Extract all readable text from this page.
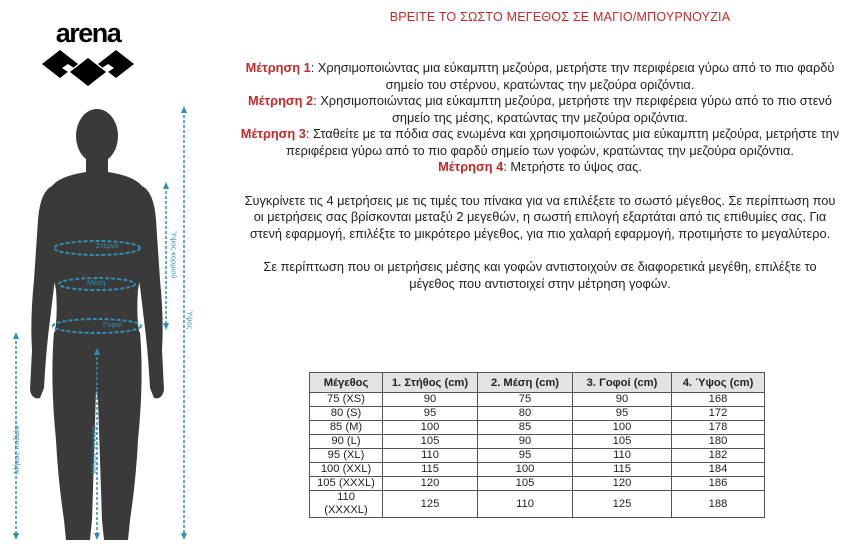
arena
Στέρνο
Μέση
Γοφοί
Ύψος κορμιού
Ύψος
Μήκος ποδιών	Μήκος inseam
ΒΡΕΙΤΕ ΤΟ ΣΩΣΤΟ ΜΕΓΕΘΟΣ ΣΕ ΜΑΓΙΟ/ΜΠΟΥΡΝΟΥΖΙΑ

Μέτρηση 1: Χρησιμοποιώντας μια εύκαμπτη μεζούρα, μετρήστε την περιφέρεια γύρω από το πιο φαρδύ σημείο του στέρνου, κρατώντας την μεζούρα οριζόντια.

Μέτρηση 2: Χρησιμοποιώντας μια εύκαμπτη μεζούρα, μετρήστε την περιφέρεια γύρω από το πιο στενό σημείο της μέσης, κρατώντας την μεζούρα οριζόντια.

Μέτρηση 3: Σταθείτε με τα πόδια σας ενωμένα και χρησιμοποιώντας μια εύκαμπτη μεζούρα, μετρήστε την περιφέρεια γύρω από το πιο φαρδύ σημείο των γοφών, κρατώντας την μεζούρα οριζόντια.

Μέτρηση 4: Μετρήστε το ύψος σας.

Συγκρίνετε τις 4 μετρήσεις με τις τιμές του πίνακα για να επιλέξετε το σωστό μέγεθος. Σε περίπτωση που οι μετρήσεις σας βρίσκονται μεταξύ 2 μεγεθών, η σωστή επιλογή εξαρτάται από τις επιθυμίες σας. Για στενή εφαρμογή, επιλέξτε το μικρότερο μέγεθος, για πιο χαλαρή εφαρμογή, προτιμήστε το μεγαλύτερο.

Σε περίπτωση που οι μετρήσεις μέσης και γοφών αντιστοιχούν σε διαφορετικά μεγέθη, επιλέξτε το μέγεθος που αντιστοιχεί στην μέτρηση γοφών.

Μέγεθος	1. Στήθος (cm)	2. Μέση (cm)	3. Γοφοί (cm)	4. Ύψος (cm)
75 (XS)	90	75	90	168
80 (S)	95	80	95	172
85 (M)	100	85	100	178
90 (L)	105	90	105	180
95 (XL)	110	95	110	182
100 (XXL)	115	100	115	184
105 (XXXL)	120	105	120	186
110 (XXXXL)	125	110	125	188
